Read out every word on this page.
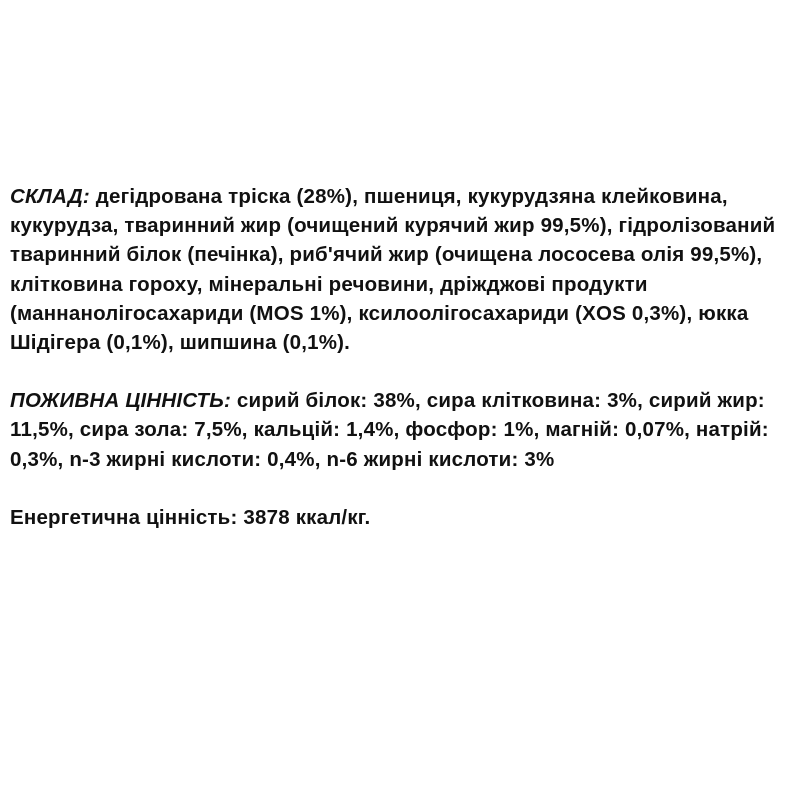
СКЛАД: дегідрована тріска (28%), пшениця, кукурудзяна клейковина, кукурудза, тваринний жир (очищений курячий жир 99,5%), гідролізований тваринний білок (печінка), риб'ячий жир (очищена лососева олія 99,5%), клітковина гороху, мінеральні речовини, дріжджові продукти (маннанолігосахариди (MOS 1%), ксилоолігосахариди (XOS 0,3%), юкка Шідігера (0,1%), шипшина (0,1%).

ПОЖИВНА ЦІННІСТЬ: сирий білок: 38%, сира клітковина: 3%, сирий жир: 11,5%, сира зола: 7,5%, кальцій: 1,4%, фосфор: 1%, магній: 0,07%, натрій: 0,3%, n-3 жирні кислоти: 0,4%, n-6 жирні кислоти: 3%

Енергетична цінність: 3878 ккал/кг.
